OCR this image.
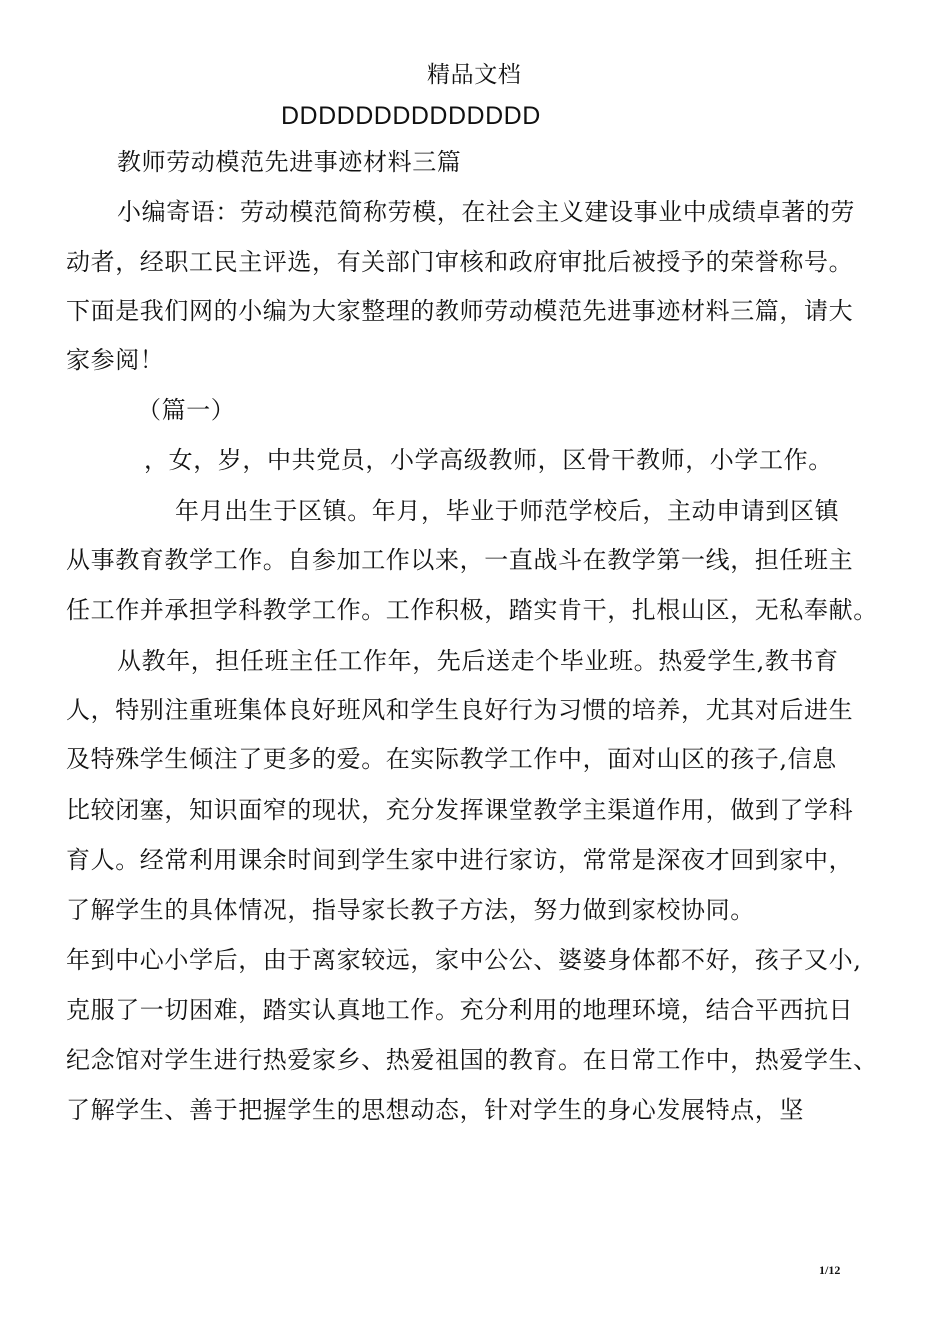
精品文档
DDDDDDDDDDDDDD
教师劳动模范先进事迹材料三篇
小编寄语：劳动模范简称劳模，在社会主义建设事业中成绩卓著的劳
动者，经职工民主评选，有关部门审核和政府审批后被授予的荣誉称号。
下面是我们网的小编为大家整理的教师劳动模范先进事迹材料三篇，请大
家参阅！
（篇一）
，女，岁，中共党员，小学高级教师，区骨干教师，小学工作。
年月出生于区镇。年月，毕业于师范学校后，主动申请到区镇
从事教育教学工作。自参加工作以来，一直战斗在教学第一线，担任班主
任工作并承担学科教学工作。工作积极，踏实肯干，扎根山区，无私奉献。
从教年，担任班主任工作年，先后送走个毕业班。热爱学生,教书育
人，特别注重班集体良好班风和学生良好行为习惯的培养，尤其对后进生
及特殊学生倾注了更多的爱。在实际教学工作中，面对山区的孩子,信息
比较闭塞，知识面窄的现状，充分发挥课堂教学主渠道作用，做到了学科
育人。经常利用课余时间到学生家中进行家访，常常是深夜才回到家中，
了解学生的具体情况，指导家长教子方法，努力做到家校协同。
年到中心小学后，由于离家较远，家中公公、婆婆身体都不好，孩子又小,
克服了一切困难，踏实认真地工作。充分利用的地理环境，结合平西抗日
纪念馆对学生进行热爱家乡、热爱祖国的教育。在日常工作中，热爱学生、
了解学生、善于把握学生的思想动态，针对学生的身心发展特点，坚
1/12
